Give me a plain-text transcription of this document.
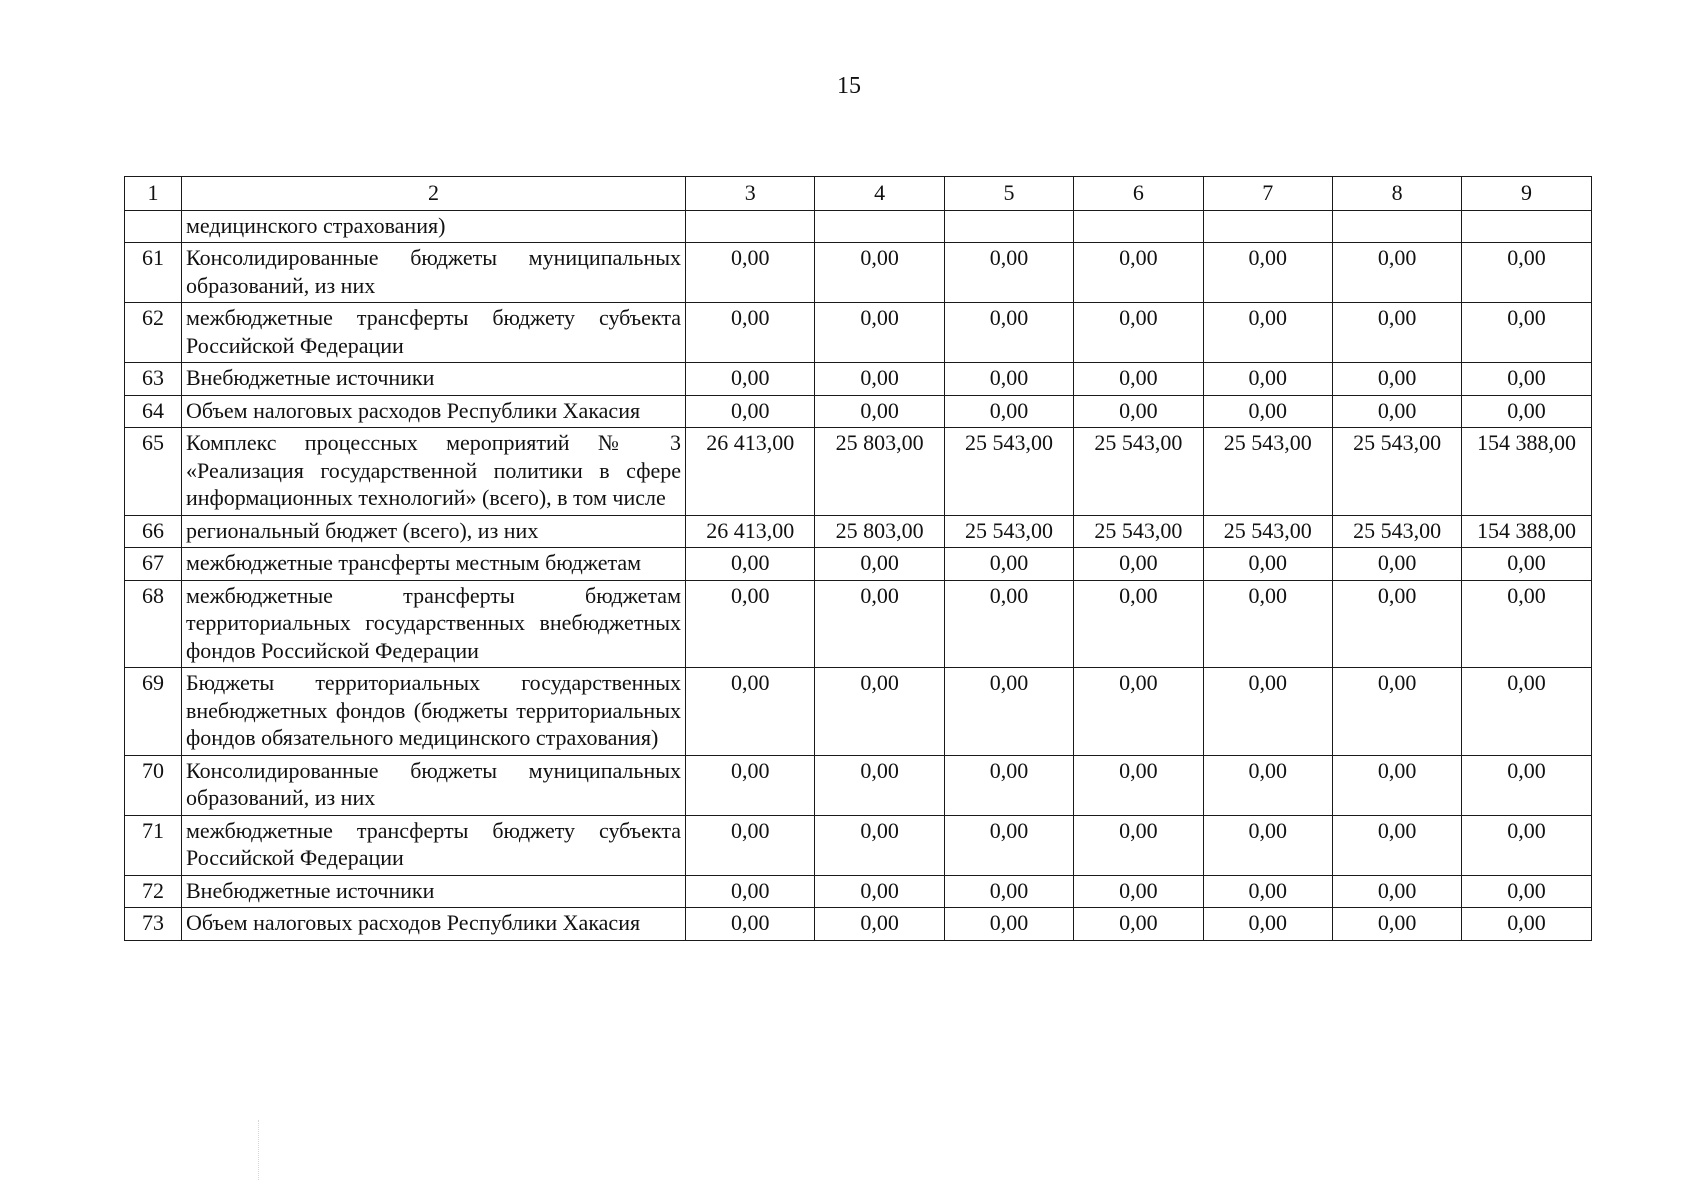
15
1	2	3	4	5	6	7	8	9
	медицинского страхования)							
61	Консолидированные бюджеты муниципальных образований, из них	0,00	0,00	0,00	0,00	0,00	0,00	0,00
62	межбюджетные трансферты бюджету субъекта Российской Федерации	0,00	0,00	0,00	0,00	0,00	0,00	0,00
63	Внебюджетные источники	0,00	0,00	0,00	0,00	0,00	0,00	0,00
64	Объем налоговых расходов Республики Хакасия	0,00	0,00	0,00	0,00	0,00	0,00	0,00
65	Комплекс процессных мероприятий № 3 «Реализация государственной политики в сфере информационных технологий» (всего), в том числе	26 413,00	25 803,00	25 543,00	25 543,00	25 543,00	25 543,00	154 388,00
66	региональный бюджет (всего), из них	26 413,00	25 803,00	25 543,00	25 543,00	25 543,00	25 543,00	154 388,00
67	межбюджетные трансферты местным бюджетам	0,00	0,00	0,00	0,00	0,00	0,00	0,00
68	межбюджетные трансферты бюджетам территориальных государственных внебюджетных фондов Российской Федерации	0,00	0,00	0,00	0,00	0,00	0,00	0,00
69	Бюджеты территориальных государственных внебюджетных фондов (бюджеты территориальных фондов обязательного медицинского страхования)	0,00	0,00	0,00	0,00	0,00	0,00	0,00
70	Консолидированные бюджеты муниципальных образований, из них	0,00	0,00	0,00	0,00	0,00	0,00	0,00
71	межбюджетные трансферты бюджету субъекта Российской Федерации	0,00	0,00	0,00	0,00	0,00	0,00	0,00
72	Внебюджетные источники	0,00	0,00	0,00	0,00	0,00	0,00	0,00
73	Объем налоговых расходов Республики Хакасия	0,00	0,00	0,00	0,00	0,00	0,00	0,00
